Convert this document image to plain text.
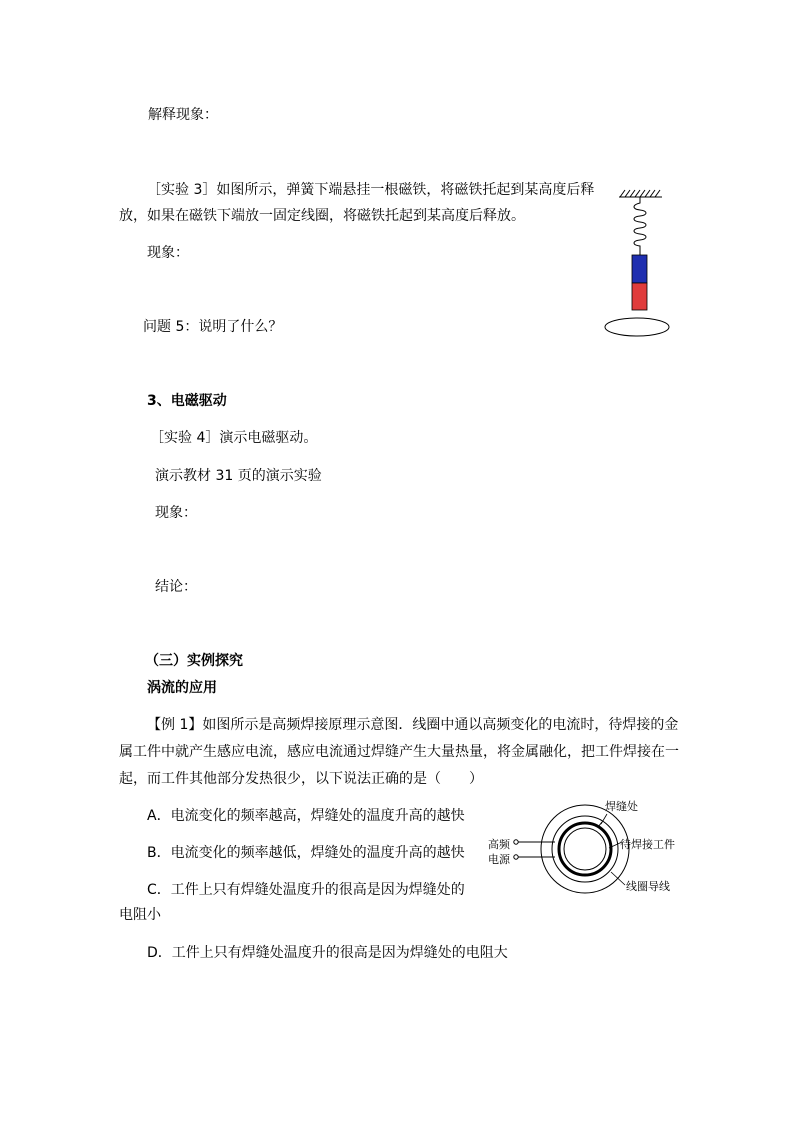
解释现象：
［实验 3］如图所示，弹簧下端悬挂一根磁铁，将磁铁托起到某高度后释
放，如果在磁铁下端放一固定线圈，将磁铁托起到某高度后释放。
现象：
问题 5：说明了什么？
3、电磁驱动
［实验 4］演示电磁驱动。
演示教材 31 页的演示实验
现象：
结论：
（三）实例探究
涡流的应用
【例 1】如图所示是高频焊接原理示意图．线圈中通以高频变化的电流时，待焊接的金
属工件中就产生感应电流，感应电流通过焊缝产生大量热量，将金属融化，把工件焊接在一
起，而工件其他部分发热很少，以下说法正确的是（　　）
A．电流变化的频率越高，焊缝处的温度升高的越快
B．电流变化的频率越低，焊缝处的温度升高的越快
C．工件上只有焊缝处温度升的很高是因为焊缝处的
电阻小
D．工件上只有焊缝处温度升的很高是因为焊缝处的电阻大
焊缝处
待焊接工件
线圈导线
高频
电源
